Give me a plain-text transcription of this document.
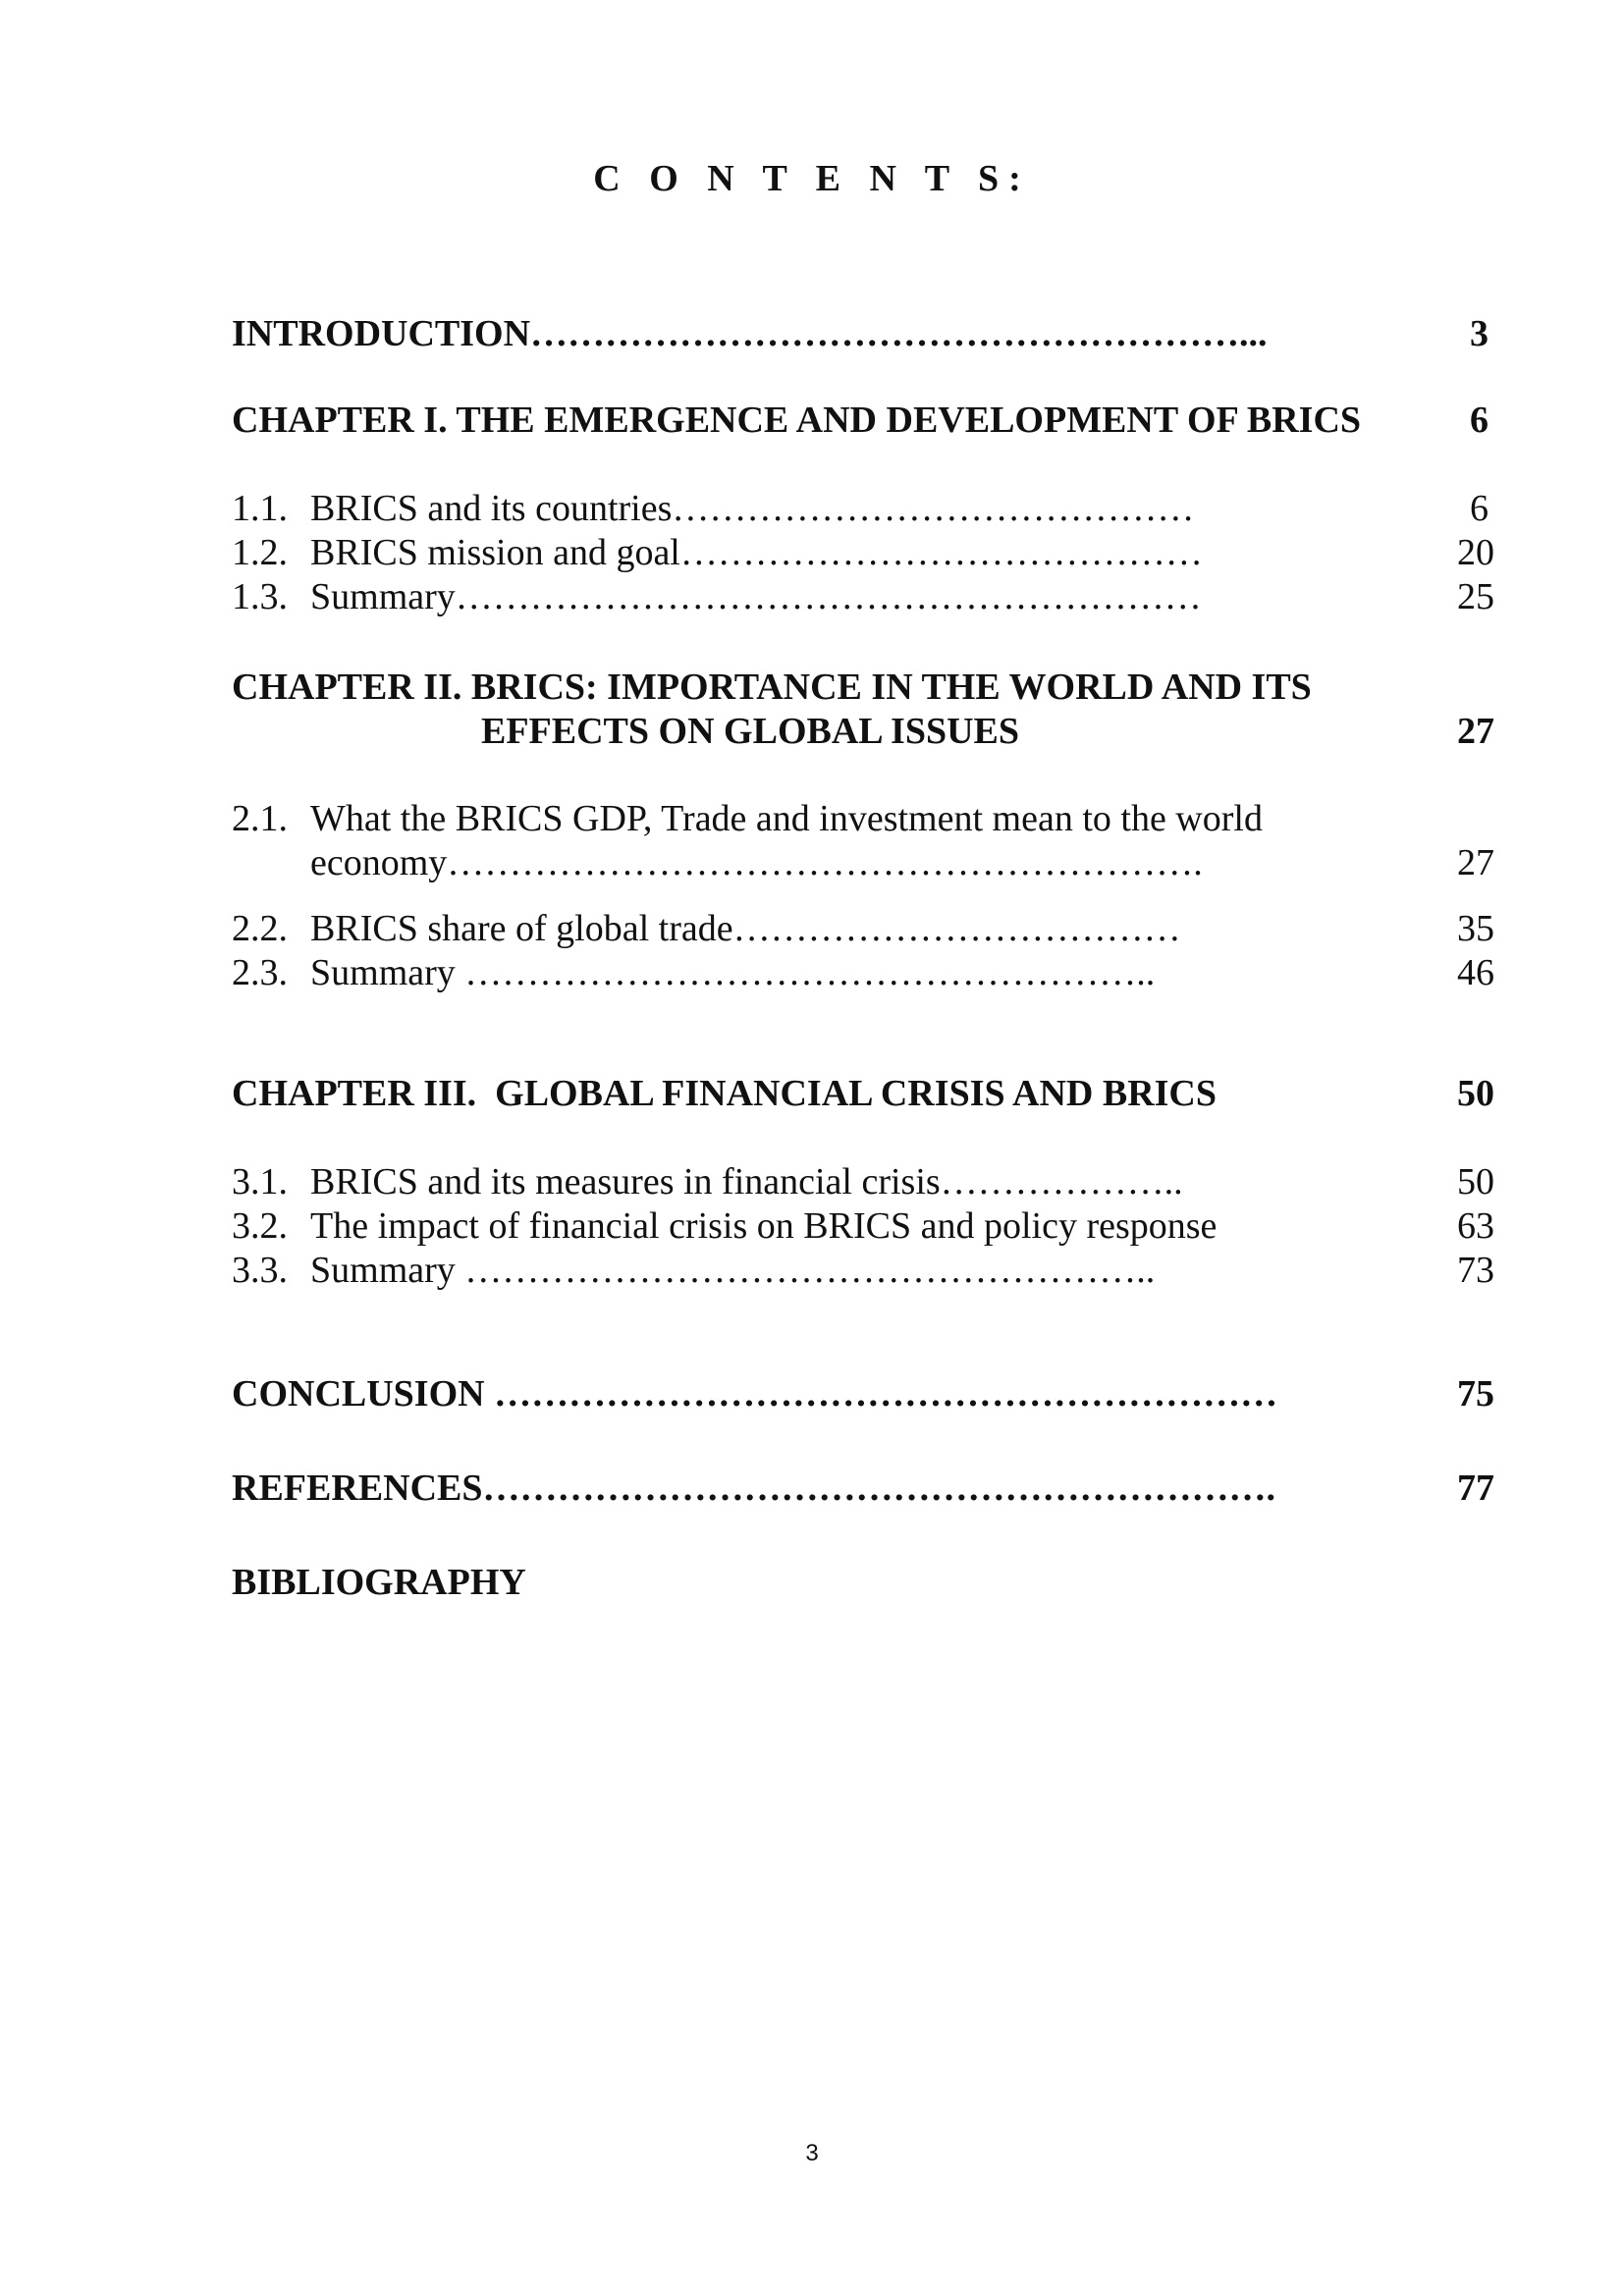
C O N T E N T S:
INTRODUCTION…………………………………………………...	3
CHAPTER I. THE EMERGENCE AND DEVELOPMENT OF BRICS	6
1.1. BRICS and its countries……………………………………	6
1.2. BRICS mission and goal……………………………………	20
1.3. Summary……………………………………………………	25
CHAPTER II. BRICS: IMPORTANCE IN THE WORLD AND ITS
EFFECTS ON GLOBAL ISSUES	27
2.1. What the BRICS GDP, Trade and investment mean to the world
economy…………………………………………………….	27
2.2. BRICS share of global trade………………………………	35
2.3. Summary ………………………………………………..	46
CHAPTER III.  GLOBAL FINANCIAL CRISIS AND BRICS	50
3.1. BRICS and its measures in financial crisis………………..	50
3.2. The impact of financial crisis on BRICS and policy response	63
3.3. Summary ………………………………………………..	73
CONCLUSION ………………………………………………………	75
REFERENCES……………………………………………………….	77
BIBLIOGRAPHY
3
